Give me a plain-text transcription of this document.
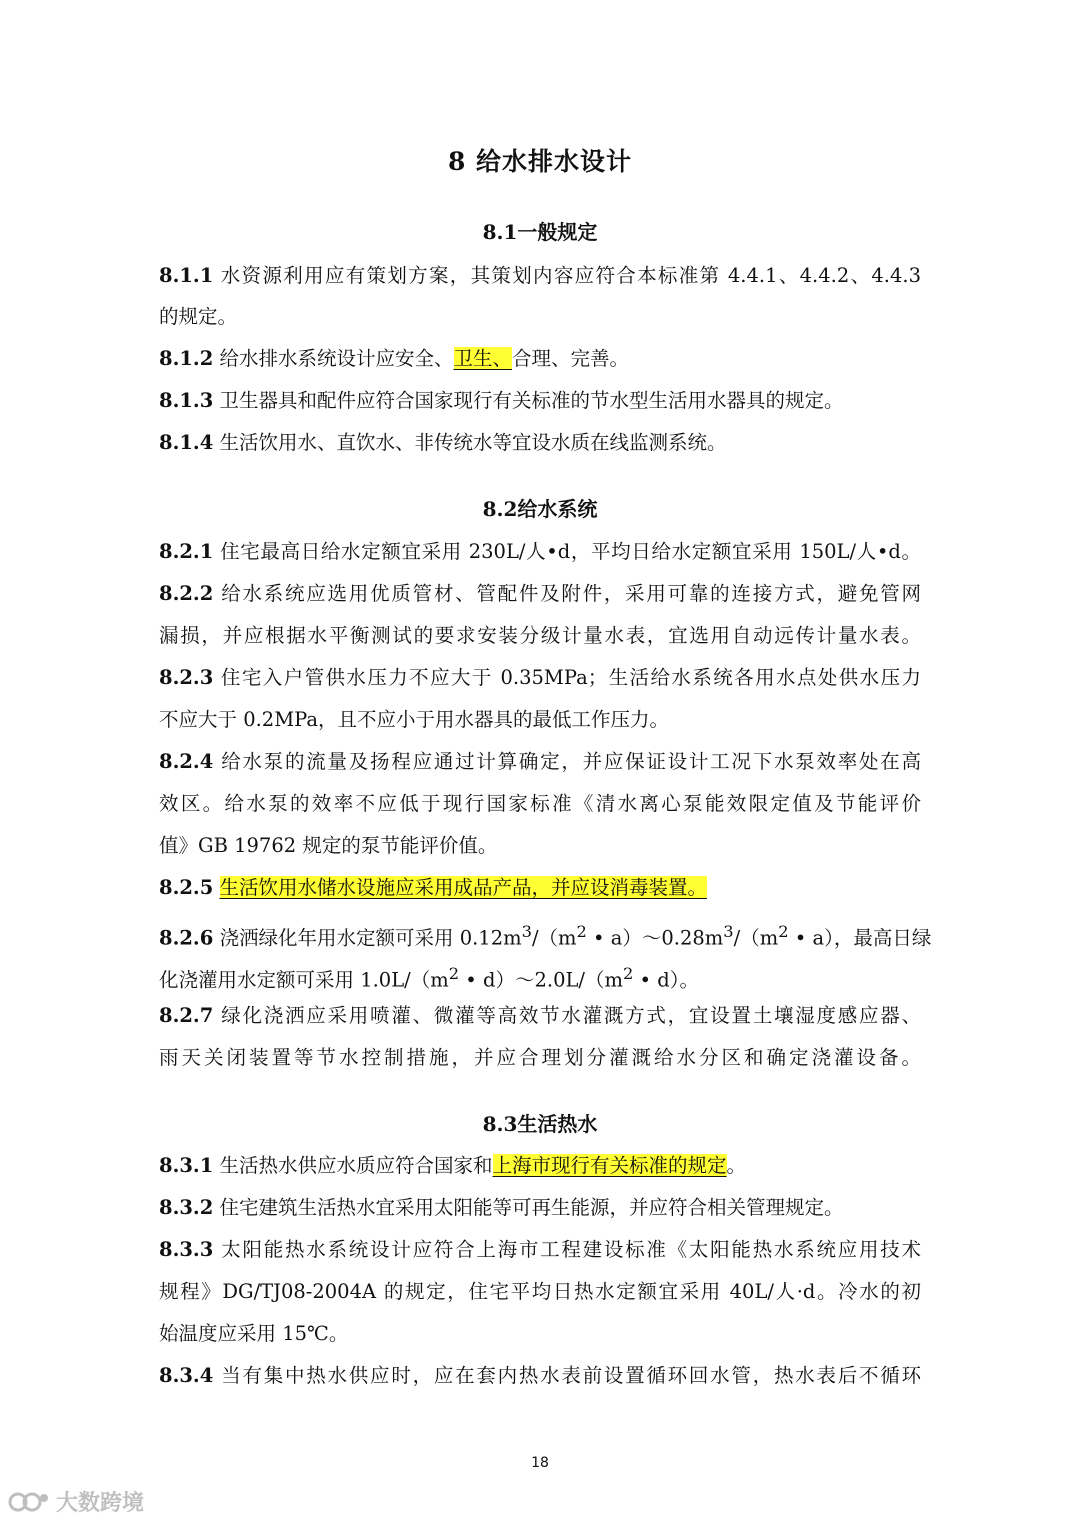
8 给水排水设计
8.1一般规定
8.1.1 水资源利用应有策划方案，其策划内容应符合本标准第 4.4.1、4.4.2、4.4.3
的规定。
8.1.2 给水排水系统设计应安全、卫生、合理、完善。
8.1.3 卫生器具和配件应符合国家现行有关标准的节水型生活用水器具的规定。
8.1.4 生活饮用水、直饮水、非传统水等宜设水质在线监测系统。
8.2给水系统
8.2.1 住宅最高日给水定额宜采用 230L/人•d，平均日给水定额宜采用 150L/人•d。
8.2.2 给水系统应选用优质管材、管配件及附件，采用可靠的连接方式，避免管网
漏损，并应根据水平衡测试的要求安装分级计量水表，宜选用自动远传计量水表。
8.2.3 住宅入户管供水压力不应大于 0.35MPa；生活给水系统各用水点处供水压力
不应大于 0.2MPa，且不应小于用水器具的最低工作压力。
8.2.4 给水泵的流量及扬程应通过计算确定，并应保证设计工况下水泵效率处在高
效区。给水泵的效率不应低于现行国家标准《清水离心泵能效限定值及节能评价
值》GB 19762 规定的泵节能评价值。
8.2.5 生活饮用水储水设施应采用成品产品，并应设消毒装置。
8.2.6 浇洒绿化年用水定额可采用 $0.12m^3/(m^2$ • $a)\sim 0.28m^3/(m^2$ • a），最高日绿
化浇灌用水定额可采用 $1.0L/(m^2$ • $d)\sim 2.0L/(m^2$ • d）。
8.2.7 绿化浇洒应采用喷灌、微灌等高效节水灌溉方式，宜设置土壤湿度感应器、
雨天关闭装置等节水控制措施，并应合理划分灌溉给水分区和确定浇灌设备。
8.3生活热水
8.3.1 生活热水供应水质应符合国家和上海市现行有关标准的规定。
8.3.2 住宅建筑生活热水宜采用太阳能等可再生能源，并应符合相关管理规定。
8.3.3 太阳能热水系统设计应符合上海市工程建设标准《太阳能热水系统应用技术
规程》DG/TJ08-2004A 的规定，住宅平均日热水定额宜采用 40L/人·d。冷水的初
始温度应采用 15℃。
8.3.4 当有集中热水供应时，应在套内热水表前设置循环回水管，热水表后不循环
18
大数跨境
